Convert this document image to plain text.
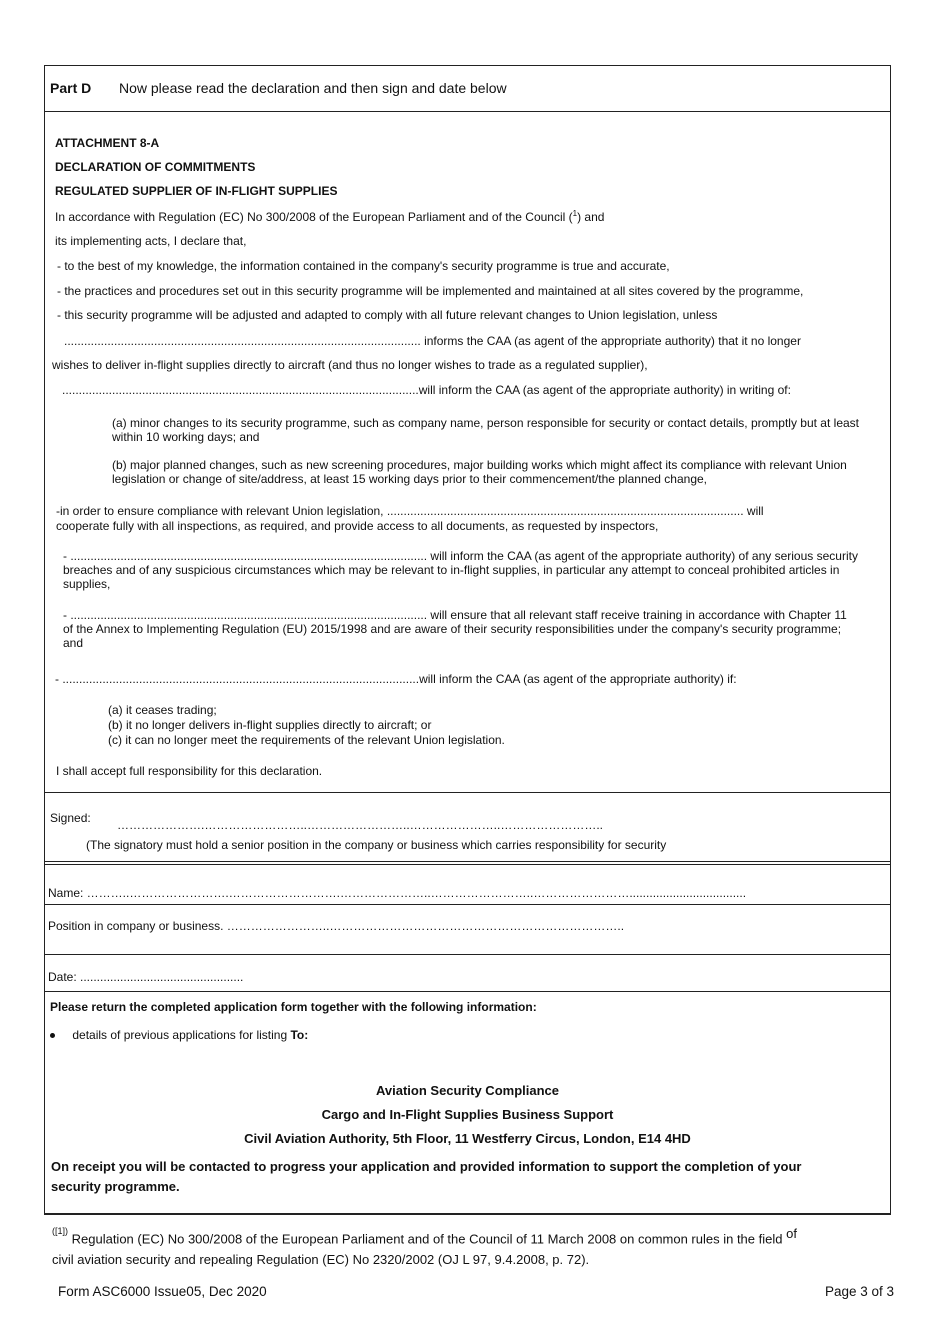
Part D Now please read the declaration and then sign and date below
ATTACHMENT 8-A
DECLARATION OF COMMITMENTS
REGULATED SUPPLIER OF IN-FLIGHT SUPPLIES
In accordance with Regulation (EC) No 300/2008 of the European Parliament and of the Council ($^1$) and
its implementing acts, I declare that,
- to the best of my knowledge, the information contained in the company's security programme is true and accurate,
- the practices and procedures set out in this security programme will be implemented and maintained at all sites covered by the programme,
- this security programme will be adjusted and adapted to comply with all future relevant changes to Union legislation, unless
........................................................................................................... informs the CAA (as agent of the appropriate authority) that it no longer
wishes to deliver in-flight supplies directly to aircraft (and thus no longer wishes to trade as a regulated supplier),
...........................................................................................................will inform the CAA (as agent of the appropriate authority) in writing of:
(a) minor changes to its security programme, such as company name, person responsible for security or contact details, promptly but at least within 10 working days; and
(b) major planned changes, such as new screening procedures, major building works which might affect its compliance with relevant Union legislation or change of site/address, at least 15 working days prior to their commencement/the planned change,
-in order to ensure compliance with relevant Union legislation, ........................................................................................................... will
cooperate fully with all inspections, as required, and provide access to all documents, as requested by inspectors,
- ........................................................................................................... will inform the CAA (as agent of the appropriate authority) of any serious security breaches and of any suspicious circumstances which may be relevant to in-flight supplies, in particular any attempt to conceal prohibited articles in supplies,
- ........................................................................................................... will ensure that all relevant staff receive training in accordance with Chapter 11 of the Annex to Implementing Regulation (EU) 2015/1998 and are aware of their security responsibilities under the company's security programme; and
- ...........................................................................................................will inform the CAA (as agent of the appropriate authority) if:
(a) it ceases trading;
(b) it no longer delivers in-flight supplies directly to aircraft; or
(c) it can no longer meet the requirements of the relevant Union legislation.
I shall accept full responsibility for this declaration.
Signed: ………………….……………………..……………………..…………………..……………………..
(The signatory must hold a senior position in the company or business which carries responsibility for security
Name: ………..…………………….……………………….…………………..……………………..……………………...................................
Position in company or business. ……………………..………………………………………………………………..
Date: .................................................
Please return the completed application form together with the following information:
details of previous applications for listing To:
Aviation Security Compliance
Cargo and In-Flight Supplies Business Support
Civil Aviation Authority, 5th Floor, 11 Westferry Circus, London, E14 4HD
On receipt you will be contacted to progress your application and provided information to support the completion of your security programme.
$^{([1])}$ Regulation (EC) No 300/2008 of the European Parliament and of the Council of 11 March 2008 on common rules in the field of
civil aviation security and repealing Regulation (EC) No 2320/2002 (OJ L 97, 9.4.2008, p. 72).
Form ASC6000 Issue05, Dec 2020	Page 3 of 3
